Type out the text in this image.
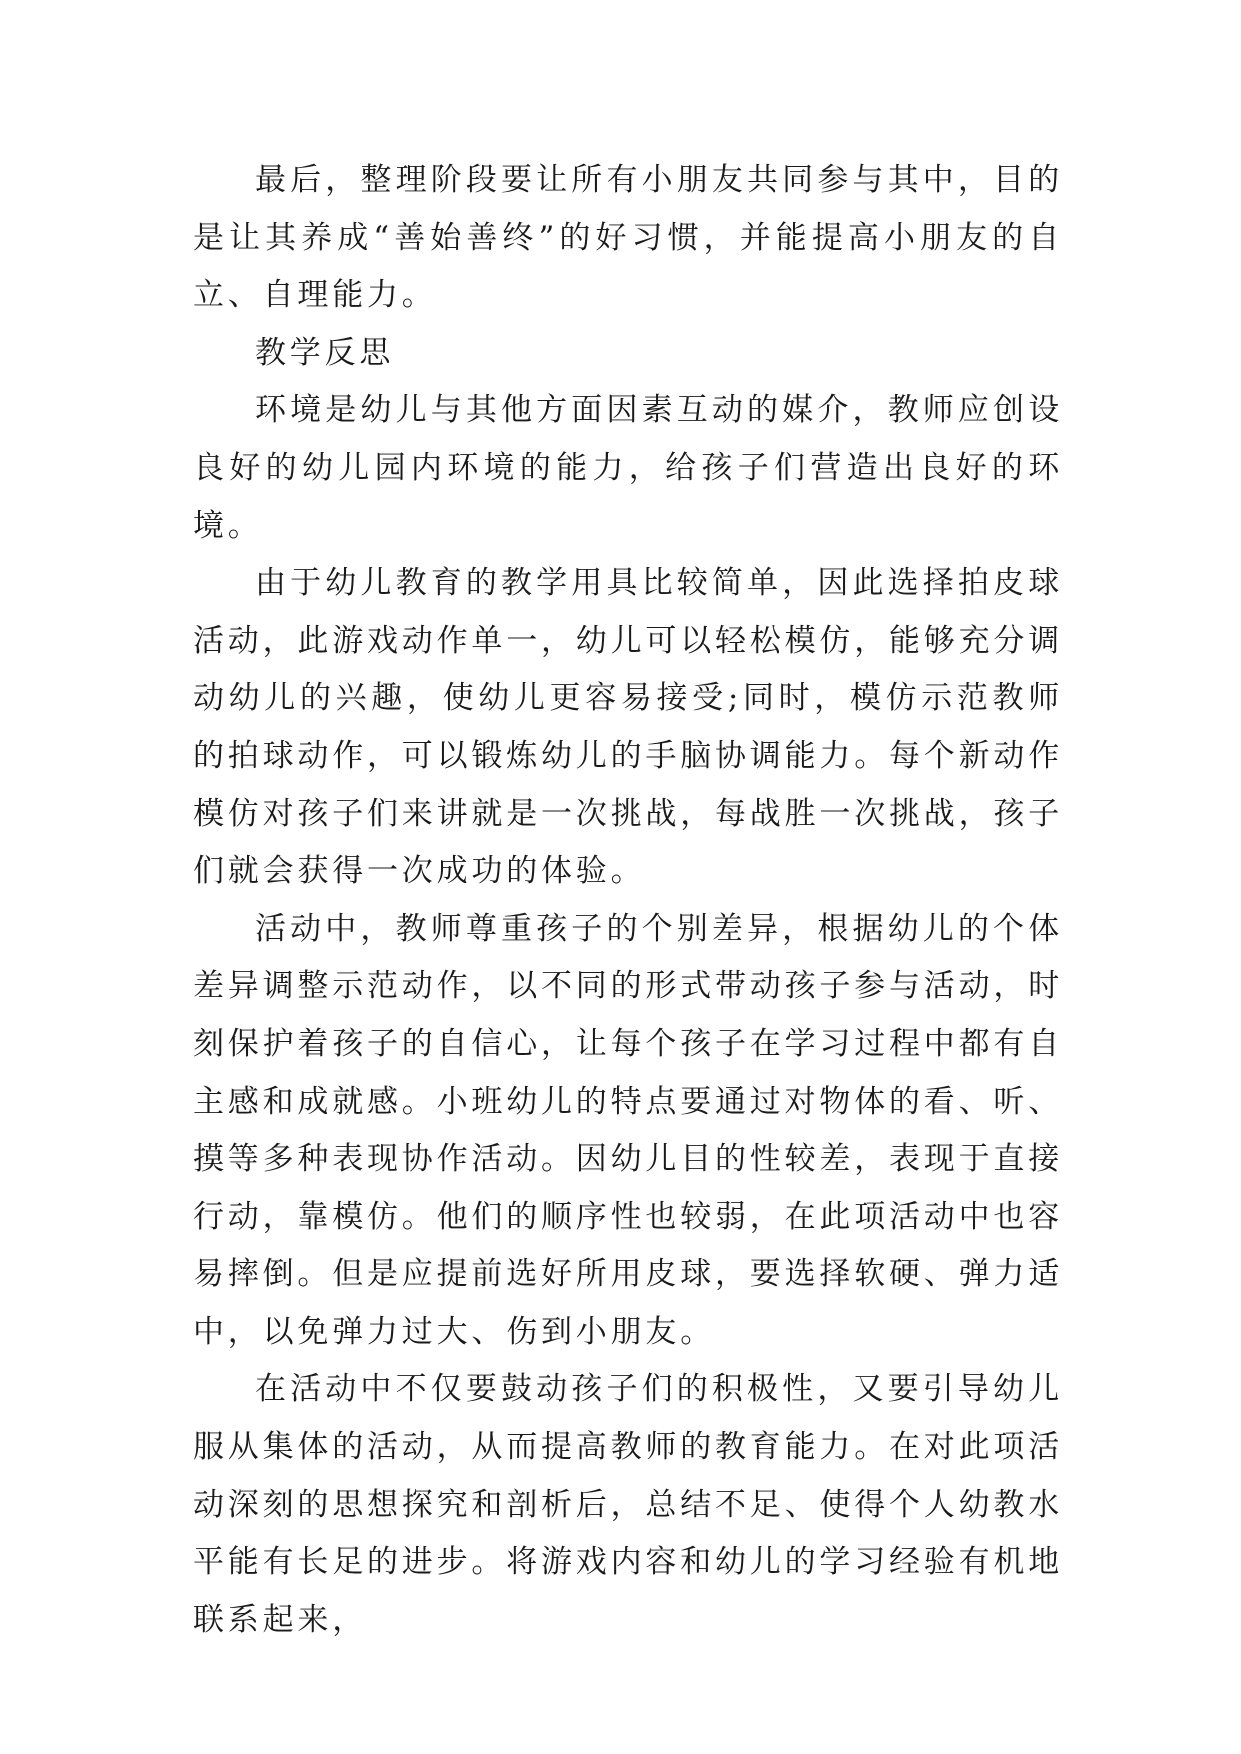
最后，整理阶段要让所有小朋友共同参与其中，目的是让其养成“善始善终”的好习惯，并能提高小朋友的自立、自理能力。

教学反思

环境是幼儿与其他方面因素互动的媒介，教师应创设良好的幼儿园内环境的能力，给孩子们营造出良好的环境。

由于幼儿教育的教学用具比较简单，因此选择拍皮球活动，此游戏动作单一，幼儿可以轻松模仿，能够充分调动幼儿的兴趣，使幼儿更容易接受;同时，模仿示范教师的拍球动作，可以锻炼幼儿的手脑协调能力。每个新动作模仿对孩子们来讲就是一次挑战，每战胜一次挑战，孩子们就会获得一次成功的体验。

活动中，教师尊重孩子的个别差异，根据幼儿的个体差异调整示范动作，以不同的形式带动孩子参与活动，时刻保护着孩子的自信心，让每个孩子在学习过程中都有自主感和成就感。小班幼儿的特点要通过对物体的看、听、摸等多种表现协作活动。因幼儿目的性较差，表现于直接行动，靠模仿。他们的顺序性也较弱，在此项活动中也容易摔倒。但是应提前选好所用皮球，要选择软硬、弹力适中，以免弹力过大、伤到小朋友。

在活动中不仅要鼓动孩子们的积极性，又要引导幼儿服从集体的活动，从而提高教师的教育能力。在对此项活动深刻的思想探究和剖析后，总结不足、使得个人幼教水平能有长足的进步。将游戏内容和幼儿的学习经验有机地联系起来，
